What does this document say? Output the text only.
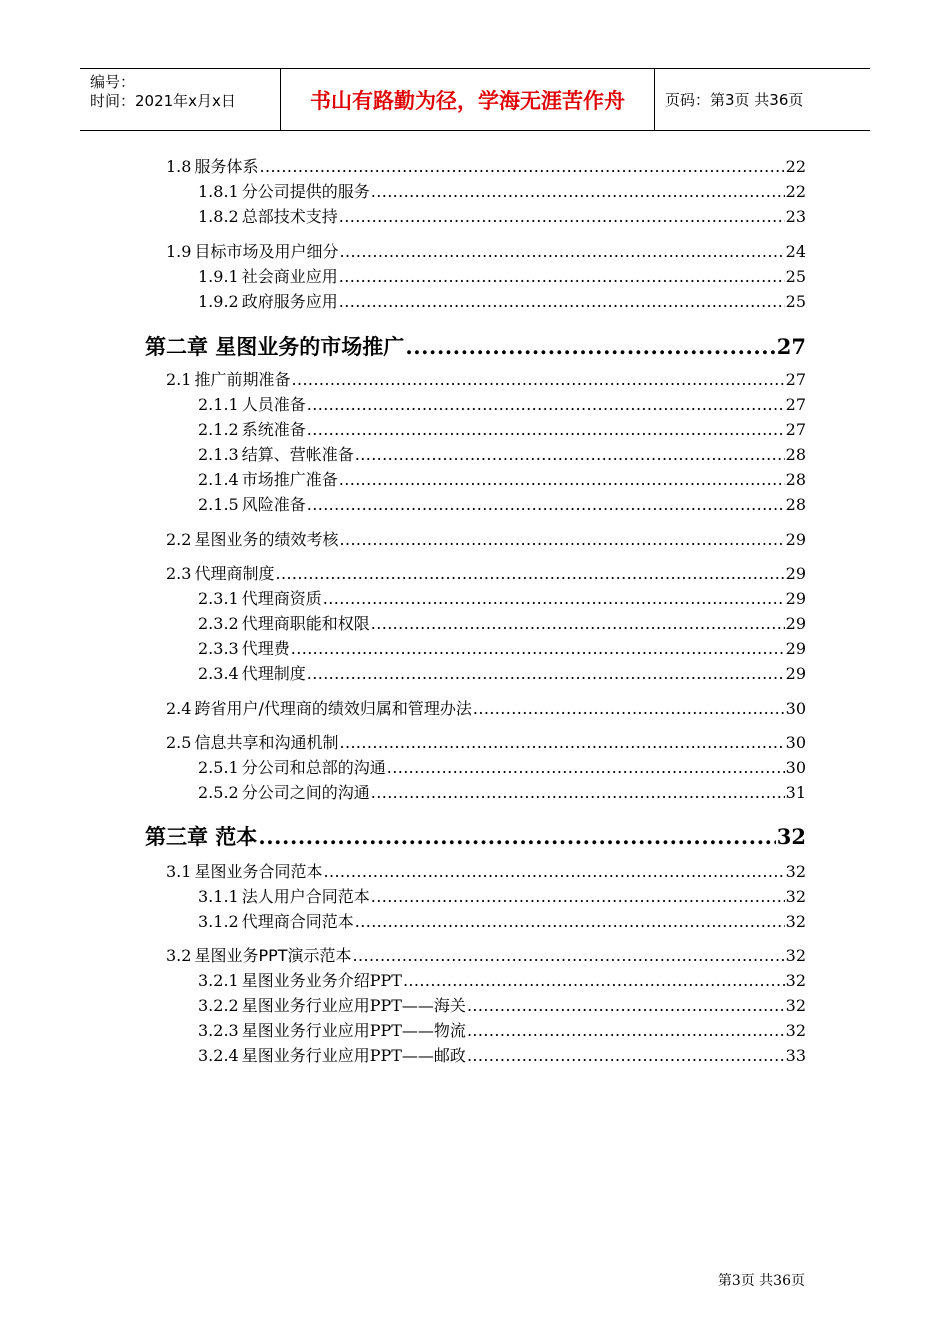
编号：
时间：2021年x月x日	书山有路勤为径，学海无涯苦作舟	页码：第3页 共36页
1.8 服务体系 .....	22
1.8.1 分公司提供的服务 .....	22
1.8.2 总部技术支持 .....	23
1.9 目标市场及用户细分 .....	24
1.9.1 社会商业应用 .....	25
1.9.2 政府服务应用 .....	25
第二章 星图业务的市场推广 .....	27
2.1 推广前期准备 .....	27
2.1.1 人员准备 .....	27
2.1.2 系统准备 .....	27
2.1.3 结算、营帐准备 .....	28
2.1.4 市场推广准备 .....	28
2.1.5 风险准备 .....	28
2.2 星图业务的绩效考核 .....	29
2.3 代理商制度 .....	29
2.3.1 代理商资质 .....	29
2.3.2 代理商职能和权限 .....	29
2.3.3 代理费 .....	29
2.3.4 代理制度 .....	29
2.4 跨省用户/代理商的绩效归属和管理办法 .....	30
2.5 信息共享和沟通机制 .....	30
2.5.1 分公司和总部的沟通 .....	30
2.5.2 分公司之间的沟通 .....	31
第三章 范本 .....	32
3.1 星图业务合同范本 .....	32
3.1.1 法人用户合同范本 .....	32
3.1.2 代理商合同范本 .....	32
3.2 星图业务PPT演示范本 .....	32
3.2.1 星图业务业务介绍PPT .....	32
3.2.2 星图业务行业应用PPT——海关 .....	32
3.2.3 星图业务行业应用PPT——物流 .....	32
3.2.4 星图业务行业应用PPT——邮政 .....	33
第3页 共36页
